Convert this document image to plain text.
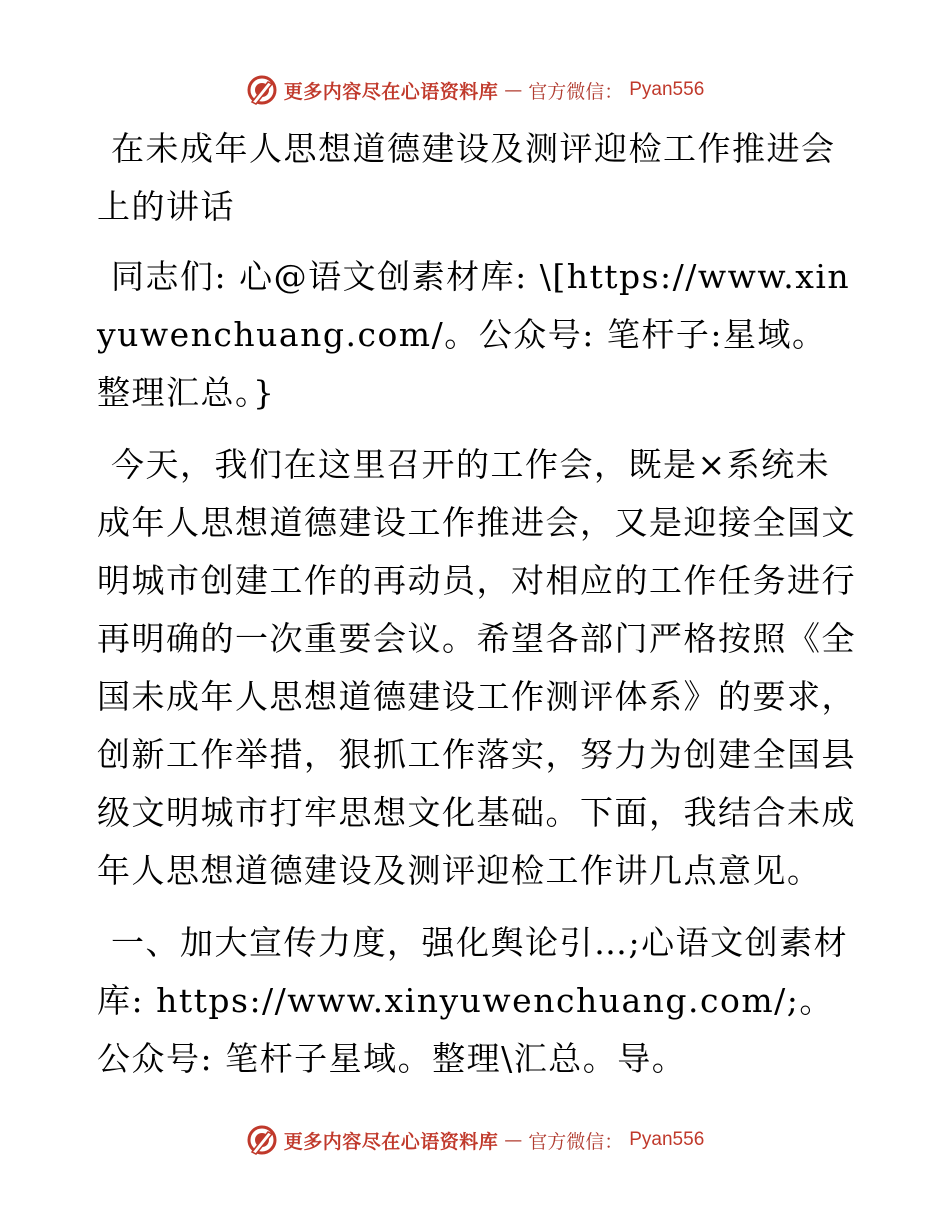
更多内容尽在心语资料库 — 官方微信： Pyan556

在未成年人思想道德建设及测评迎检工作推进会上的讲话

同志们: 心@语文创素材库: \[https://www.xinyuwenchuang.com/。公众号: 笔杆子:星域。整理汇总。}

今天，我们在这里召开的工作会，既是×系统未成年人思想道德建设工作推进会，又是迎接全国文明城市创建工作的再动员，对相应的工作任务进行再明确的一次重要会议。希望各部门严格按照《全国未成年人思想道德建设工作测评体系》的要求，创新工作举措，狠抓工作落实，努力为创建全国县级文明城市打牢思想文化基础。下面，我结合未成年人思想道德建设及测评迎检工作讲几点意见。

一、加大宣传力度，强化舆论引…;心语文创素材库: https://www.xinyuwenchuang.com/;。公众号: 笔杆子星域。整理\汇总。导。

更多内容尽在心语资料库 — 官方微信： Pyan556
